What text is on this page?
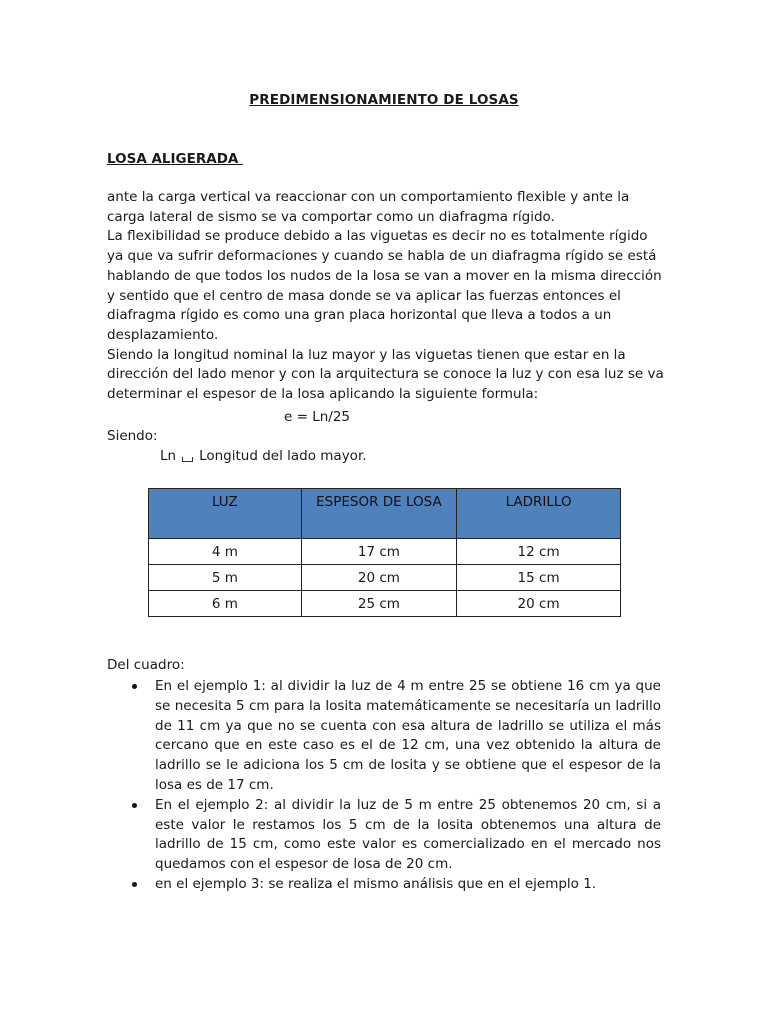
PREDIMENSIONAMIENTO DE LOSAS
LOSA ALIGERADA

ante la carga vertical va reaccionar con un comportamiento flexible y ante la carga lateral de sismo se va comportar como un diafragma rígido.

La flexibilidad se produce debido a las viguetas es decir no es totalmente rígido ya que va sufrir deformaciones y cuando se habla de un diafragma rígido se está hablando de que todos los nudos de la losa se van a mover en la misma dirección y sentido que el centro de masa donde se va aplicar las fuerzas entonces el diafragma rígido es como una gran placa horizontal que lleva a todos a un desplazamiento.

Siendo la longitud nominal la luz mayor y las viguetas tienen que estar en la dirección del lado menor y con la arquitectura se conoce la luz y con esa luz se va determinar el espesor de la losa aplicando la siguiente formula:

e = Ln/25
Siendo:
Ln Longitud del lado mayor.
LUZ	ESPESOR DE LOSA	LADRILLO
4 m	17 cm	12 cm
5 m	20 cm	15 cm
6 m	25 cm	20 cm
Del cuadro:
En el ejemplo 1: al dividir la luz de 4 m entre 25 se obtiene 16 cm ya que se necesita 5 cm para la losita matemáticamente se necesitaría un ladrillo de 11 cm ya que no se cuenta con esa altura de ladrillo se utiliza el más cercano que en este caso es el de 12 cm, una vez obtenido la altura de ladrillo se le adiciona los 5 cm de losita y se obtiene que el espesor de la losa es de 17 cm.
En el ejemplo 2: al dividir la luz de 5 m entre 25 obtenemos 20 cm, si a este valor le restamos los 5 cm de la losita obtenemos una altura de ladrillo de 15 cm, como este valor es comercializado en el mercado nos quedamos con el espesor de losa de 20 cm.
en el ejemplo 3: se realiza el mismo análisis que en el ejemplo 1.
